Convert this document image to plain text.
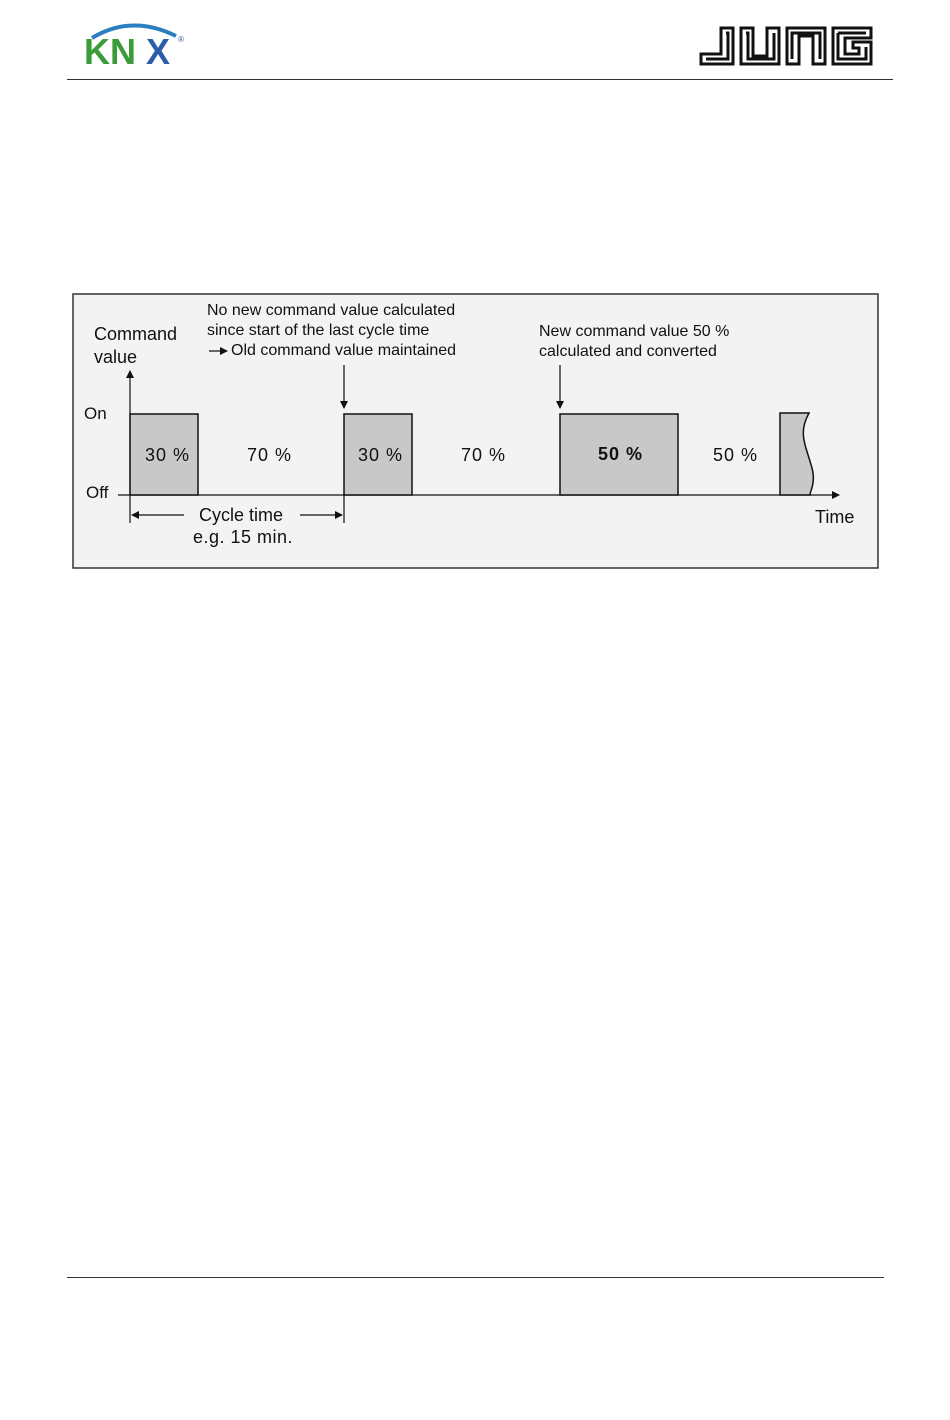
KN X ®
Command
value
On
Off
30 %	70 %	30 %	70 %	50 %	50 %
No new command value calculated
since start of the last cycle time
Old command value maintained
New command value 50 %
calculated and converted
Cycle time
e.g. 15 min.
Time
